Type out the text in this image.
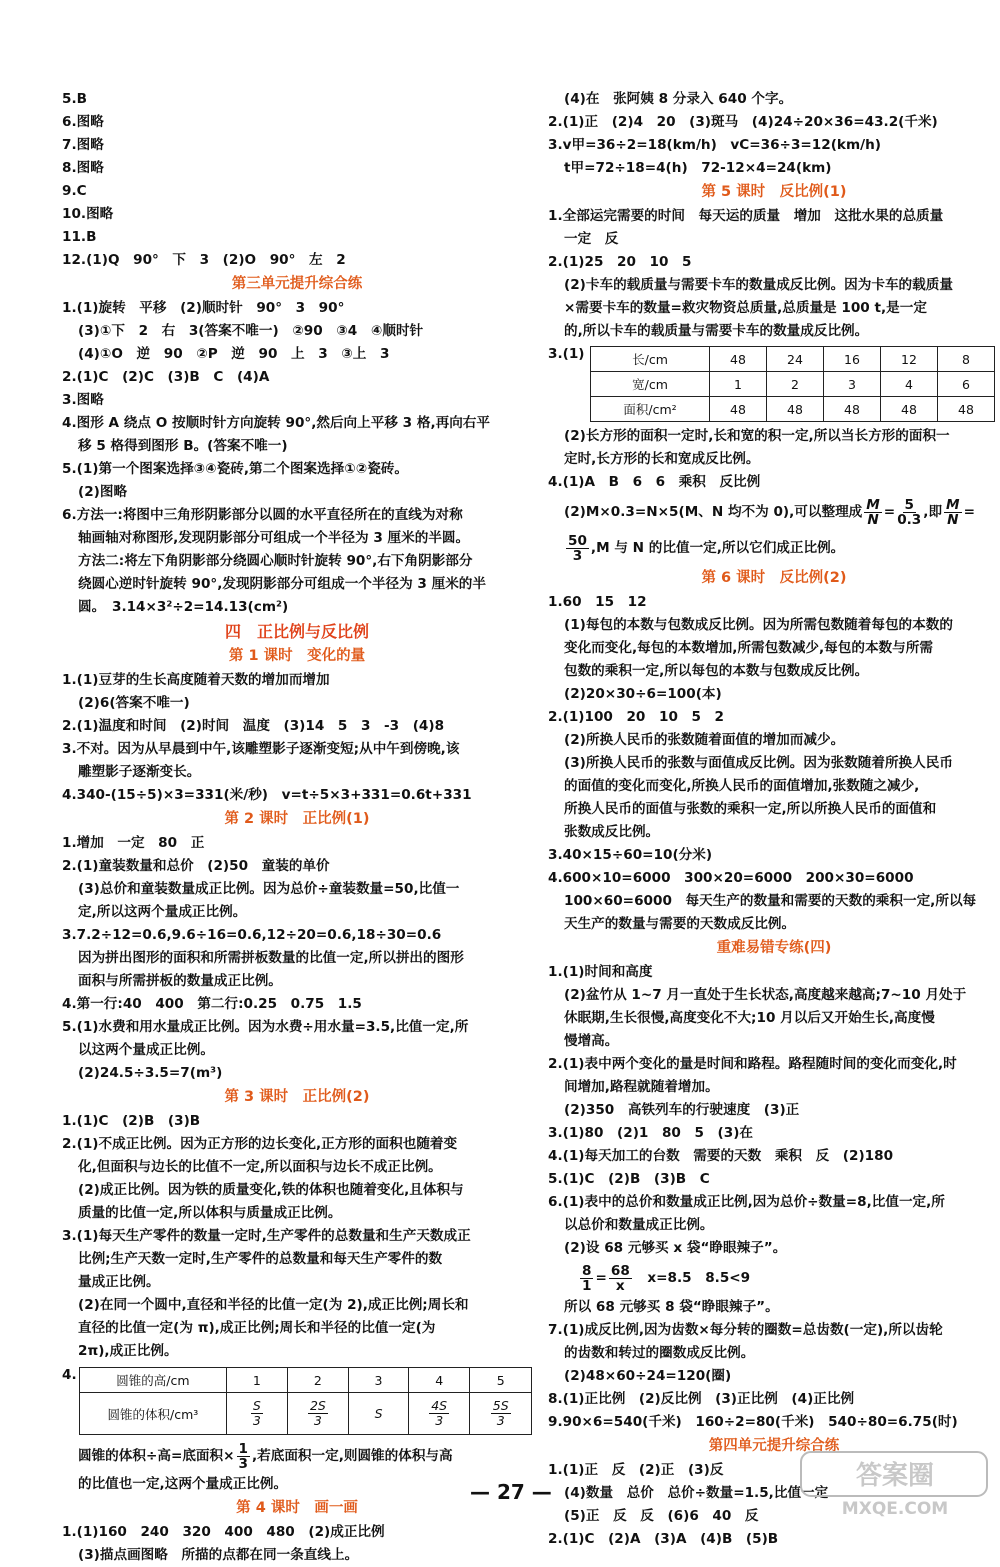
5.B
6.图略
7.图略
8.图略
9.C
10.图略
11.B
12.(1)Q　90°　下　3　(2)O　90°　左　2
第三单元提升综合练
1.(1)旋转　平移　(2)顺时针　90°　3　90°
(3)①下　2　右　3(答案不唯一)　②90　③4　④顺时针
(4)①O　逆　90　②P　逆　90　上　3　③上　3
2.(1)C　(2)C　(3)B　C　(4)A
3.图略
4.图形 A 绕点 O 按顺时针方向旋转 90°,然后向上平移 3 格,再向右平
移 5 格得到图形 B。(答案不唯一)
5.(1)第一个图案选择③④瓷砖,第二个图案选择①②瓷砖。
(2)图略
6.方法一:将图中三角形阴影部分以圆的水平直径所在的直线为对称
轴画轴对称图形,发现阴影部分可组成一个半径为 3 厘米的半圆。
方法二:将左下角阴影部分绕圆心顺时针旋转 90°,右下角阴影部分
绕圆心逆时针旋转 90°,发现阴影部分可组成一个半径为 3 厘米的半
圆。　3.14×3²÷2=14.13(cm²)
四　正比例与反比例
第 1 课时　变化的量
1.(1)豆芽的生长高度随着天数的增加而增加
(2)6(答案不唯一)
2.(1)温度和时间　(2)时间　温度　(3)14　5　3　-3　(4)8
3.不对。因为从早晨到中午,该雕塑影子逐渐变短;从中午到傍晚,该
雕塑影子逐渐变长。
4.340-(15÷5)×3=331(米/秒)　v=t÷5×3+331=0.6t+331
第 2 课时　正比例(1)
1.增加　一定　80　正
2.(1)童装数量和总价　(2)50　童装的单价
(3)总价和童装数量成正比例。因为总价÷童装数量=50,比值一
定,所以这两个量成正比例。
3.7.2÷12=0.6,9.6÷16=0.6,12÷20=0.6,18÷30=0.6
因为拼出图形的面积和所需拼板数量的比值一定,所以拼出的图形
面积与所需拼板的数量成正比例。
4.第一行:40　400　第二行:0.25　0.75　1.5
5.(1)水费和用水量成正比例。因为水费÷用水量=3.5,比值一定,所
以这两个量成正比例。
(2)24.5÷3.5=7(m³)
第 3 课时　正比例(2)
1.(1)C　(2)B　(3)B
2.(1)不成正比例。因为正方形的边长变化,正方形的面积也随着变
化,但面积与边长的比值不一定,所以面积与边长不成正比例。
(2)成正比例。因为铁的质量变化,铁的体积也随着变化,且体积与
质量的比值一定,所以体积与质量成正比例。
3.(1)每天生产零件的数量一定时,生产零件的总数量和生产天数成正
比例;生产天数一定时,生产零件的总数量和每天生产零件的数
量成正比例。
(2)在同一个圆中,直径和半径的比值一定(为 2),成正比例;周长和
直径的比值一定(为 π),成正比例;周长和半径的比值一定(为
2π),成正比例。
4.	圆锥的高/cm	1	2	3	4	5
圆锥的体积/cm³	$\frac{S}{3}$	$\frac{2S}{3}$	S	$\frac{4S}{3}$	$\frac{5S}{3}$
圆锥的体积÷高=底面积× $\frac{1}{3}$ ,若底面积一定,则圆锥的体积与高
的比值也一定,这两个量成正比例。
第 4 课时　画一画
1.(1)160　240　320　400　480　(2)成正比例
(3)描点画图略　所描的点都在同一条直线上。
(4)在　张阿姨 8 分录入 640 个字。
2.(1)正　(2)4　20　(3)斑马　(4)24÷20×36=43.2(千米)
3.v甲=36÷2=18(km/h)　vC=36÷3=12(km/h)
t甲=72÷18=4(h)　72-12×4=24(km)
第 5 课时　反比例(1)
1.全部运完需要的时间　每天运的质量　增加　这批水果的总质量
一定　反
2.(1)25　20　10　5
(2)卡车的载质量与需要卡车的数量成反比例。因为卡车的载质量
×需要卡车的数量=救灾物资总质量,总质量是 100 t,是一定
的,所以卡车的载质量与需要卡车的数量成反比例。
3.(1)	长/cm	48	24	16	12	8
宽/cm	1	2	3	4	6
面积/cm²	48	48	48	48	48
(2)长方形的面积一定时,长和宽的积一定,所以当长方形的面积一
定时,长方形的长和宽成反比例。
4.(1)A　B　6　6　乘积　反比例
(2)M×0.3=N×5(M、N 均不为 0),可以整理成 $\frac{M}{N} = \frac{5}{0.3}$ ,即 $\frac{M}{N}$ =
$\frac{50}{3} ,M$ 与 N 的比值一定,所以它们成正比例。
第 6 课时　反比例(2)
1.60　15　12
(1)每包的本数与包数成反比例。因为所需包数随着每包的本数的
变化而变化,每包的本数增加,所需包数减少,每包的本数与所需
包数的乘积一定,所以每包的本数与包数成反比例。
(2)20×30÷6=100(本)
2.(1)100　20　10　5　2
(2)所换人民币的张数随着面值的增加而减少。
(3)所换人民币的张数与面值成反比例。因为张数随着所换人民币
的面值的变化而变化,所换人民币的面值增加,张数随之减少,
所换人民币的面值与张数的乘积一定,所以所换人民币的面值和
张数成反比例。
3.40×15÷60=10(分米)
4.600×10=6000　300×20=6000　200×30=6000
100×60=6000　每天生产的数量和需要的天数的乘积一定,所以每
天生产的数量与需要的天数成反比例。
重难易错专练(四)
1.(1)时间和高度
(2)盆竹从 1~7 月一直处于生长状态,高度越来越高;7~10 月处于
休眠期,生长很慢,高度变化不大;10 月以后又开始生长,高度慢
慢增高。
2.(1)表中两个变化的量是时间和路程。路程随时间的变化而变化,时
间增加,路程就随着增加。
(2)350　高铁列车的行驶速度　(3)正
3.(1)80　(2)1　80　5　(3)在
4.(1)每天加工的台数　需要的天数　乘积　反　(2)180
5.(1)C　(2)B　(3)B　C
6.(1)表中的总价和数量成正比例,因为总价÷数量=8,比值一定,所
以总价和数量成正比例。
(2)设 68 元够买 x 袋“睁眼辣子”。
$\frac{8}{1} = \frac{68}{x}$
　 x=8.5　8.5<9
所以 68 元够买 8 袋“睁眼辣子”。
7.(1)成反比例,因为齿数×每分转的圈数=总齿数(一定),所以齿轮
的齿数和转过的圈数成反比例。
(2)48×60÷24=120(圈)
8.(1)正比例　(2)反比例　(3)正比例　(4)正比例
9.90×6=540(千米)　160÷2=80(千米)　540÷80=6.75(时)
第四单元提升综合练
1.(1)正　反　(2)正　(3)反
(4)数量　总价　总价÷数量=1.5,比值一定
(5)正　反　反　(6)6　40　反
2.(1)C　(2)A　(3)A　(4)B　(5)B
— 27 —
答案圈
MXQE.COM
